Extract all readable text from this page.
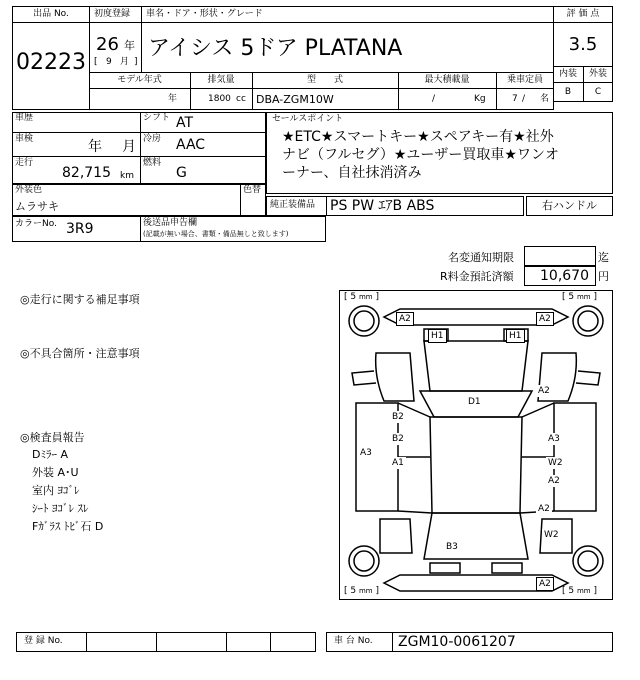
出品 No.
02223
初度登録 車名・ドア・形状・グレード
26 年
[ 9 月 ]
アイシス 5ドア PLATANA
モデル年式	排気量	型　　式	最大積載量	乗車定員
年	1800 cc DBA-ZGM10W	/	Kg	7 / 名
評 価 点
3.5
内装	外装
B	C
車歴	シフト AT
車検	年 月 冷房 AAC
走行
82,715 km
燃料
G
外装色
ムラサキ
色替
カラーNo. 3R9	後送品申告欄
(記載が無い場合、書類・備品無しと致します)
セールスポイント
★ETC★スマートキー★スペアキー有★社外
ナビ（フルセグ）★ユーザー買取車★ワンオ
ーナー、自社抹消済み
純正装備品 PS PW ｴｱB ABS	右ハンドル
名変通知期限	迄
R料金預託済額 10,670 円
◎走行に関する補足事項
◎不具合箇所・注意事項
◎検査員報告
Dﾐﾗｰ A
外装 A･U
室内 ﾖｺﾞﾚ
ｼｰﾄ ﾖｺﾞﾚ ｽﾚ
Fｶﾞﾗｽ ﾄﾋﾞ石 D
[ 5 mm ]	[ 5 mm ]
[ 5 mm ]	[ 5 mm ]
A2	A2
H1	H1
D1
A2
B2
B2
A3
A1
A3
W2
A2
A2
W2
B3
A2
登 録 No.	車 台 No. ZGM10-0061207
